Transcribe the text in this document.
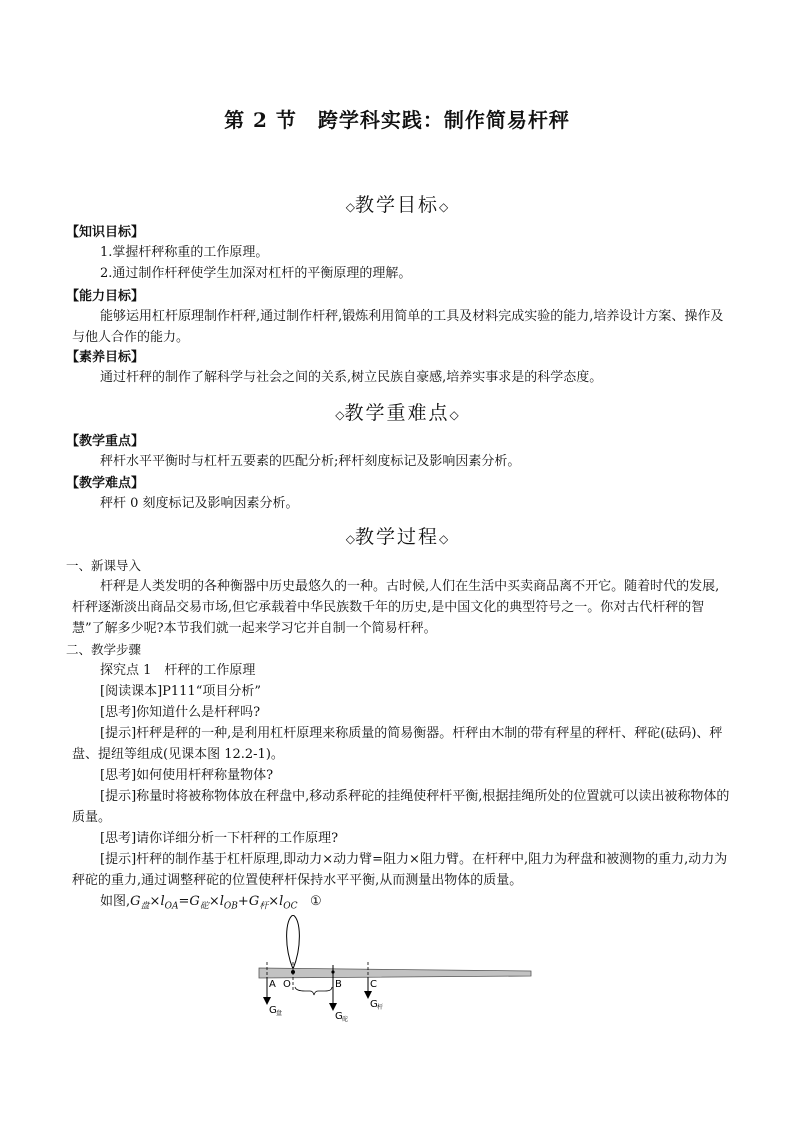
第 2 节　跨学科实践：制作简易杆秤
◇教学目标◇
【知识目标】

1.掌握杆秤称重的工作原理。

2.通过制作杆秤使学生加深对杠杆的平衡原理的理解。

【能力目标】

能够运用杠杆原理制作杆秤,通过制作杆秤,锻炼利用简单的工具及材料完成实验的能力,培养设计方案、操作及与他人合作的能力。

【素养目标】

通过杆秤的制作了解科学与社会之间的关系,树立民族自豪感,培养实事求是的科学态度。

◇教学重难点◇
【教学重点】

秤杆水平平衡时与杠杆五要素的匹配分析;秤杆刻度标记及影响因素分析。

【教学难点】

秤杆 0 刻度标记及影响因素分析。

◇教学过程◇

一、新课导入

杆秤是人类发明的各种衡器中历史最悠久的一种。古时候,人们在生活中买卖商品离不开它。随着时代的发展,杆秤逐渐淡出商品交易市场,但它承载着中华民族数千年的历史,是中国文化的典型符号之一。你对古代杆秤的智慧”了解多少呢?本节我们就一起来学习它并自制一个简易杆秤。

二、教学步骤

探究点 1　杆秤的工作原理

[阅读课本]P111“项目分析”

[思考]你知道什么是杆秤吗?

[提示]杆秤是秤的一种,是利用杠杆原理来称质量的简易衡器。杆秤由木制的带有秤星的秤杆、秤砣(砝码)、秤盘、提纽等组成(见课本图 12.2-1)。

[思考]如何使用杆秤称量物体?

[提示]称量时将被称物体放在秤盘中,移动系秤砣的挂绳使秤杆平衡,根据挂绳所处的位置就可以读出被称物体的质量。

[思考]请你详细分析一下杆秤的工作原理?

[提示]杆秤的制作基于杠杆原理,即动力×动力臂=阻力×阻力臂。在杆秤中,阻力为秤盘和被测物的重力,动力为秤砣的重力,通过调整秤砣的位置使秤杆保持水平平衡,从而测量出物体的质量。

如图$,G_盘\times l_{OA}=G_砣\times l_{OB}+G_杆\times l_{OC}$ ①

A O	B	C
G 盘	G 砣
G 杆
